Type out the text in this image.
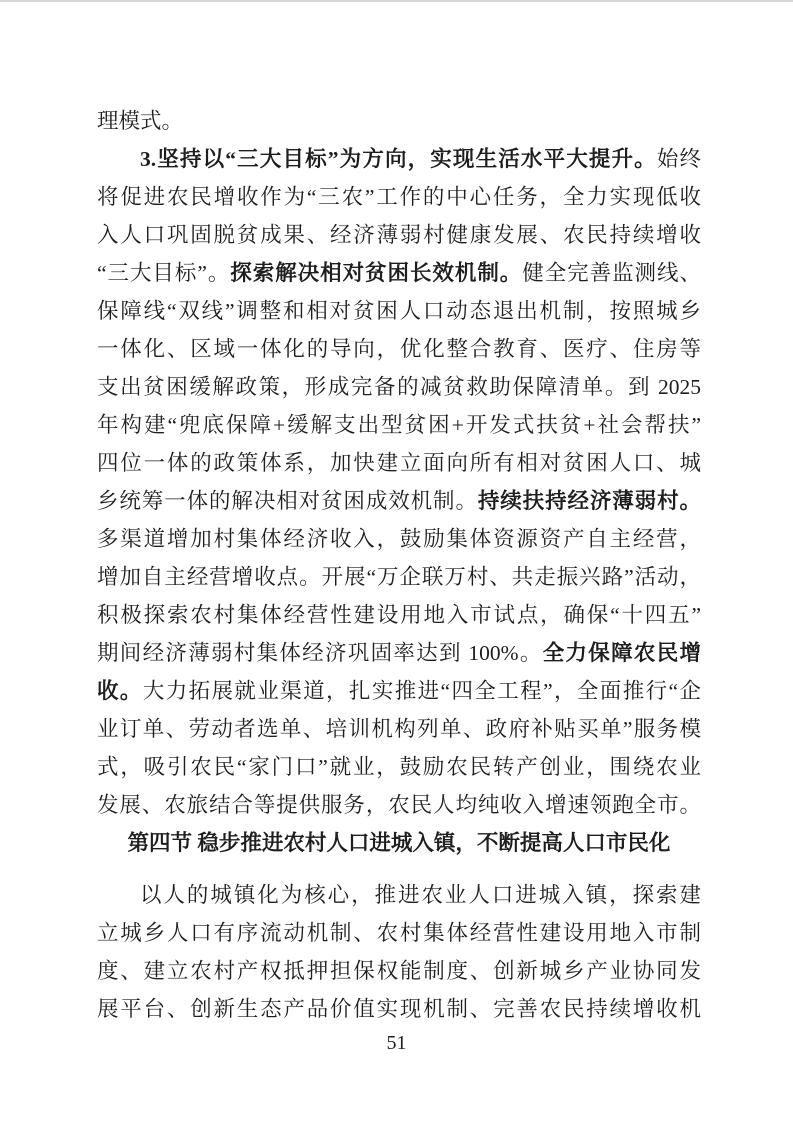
理模式。
3.坚持以“三大目标”为方向，实现生活水平大提升。始终
将促进农民增收作为“三农”工作的中心任务，全力实现低收
入人口巩固脱贫成果、经济薄弱村健康发展、农民持续增收
“三大目标”。探索解决相对贫困长效机制。健全完善监测线、
保障线“双线”调整和相对贫困人口动态退出机制，按照城乡
一体化、区域一体化的导向，优化整合教育、医疗、住房等
支出贫困缓解政策，形成完备的减贫救助保障清单。到 2025
年构建“兜底保障+缓解支出型贫困+开发式扶贫+社会帮扶”
四位一体的政策体系，加快建立面向所有相对贫困人口、城
乡统筹一体的解决相对贫困成效机制。持续扶持经济薄弱村。
多渠道增加村集体经济收入，鼓励集体资源资产自主经营，
增加自主经营增收点。开展“万企联万村、共走振兴路”活动，
积极探索农村集体经营性建设用地入市试点，确保“十四五”
期间经济薄弱村集体经济巩固率达到 100%。全力保障农民增
收。大力拓展就业渠道，扎实推进“四全工程”，全面推行“企
业订单、劳动者选单、培训机构列单、政府补贴买单”服务模
式，吸引农民“家门口”就业，鼓励农民转产创业，围绕农业
发展、农旅结合等提供服务，农民人均纯收入增速领跑全市。
第四节 稳步推进农村人口进城入镇，不断提高人口市民化
以人的城镇化为核心，推进农业人口进城入镇，探索建
立城乡人口有序流动机制、农村集体经营性建设用地入市制
度、建立农村产权抵押担保权能制度、创新城乡产业协同发
展平台、创新生态产品价值实现机制、完善农民持续增收机
51
